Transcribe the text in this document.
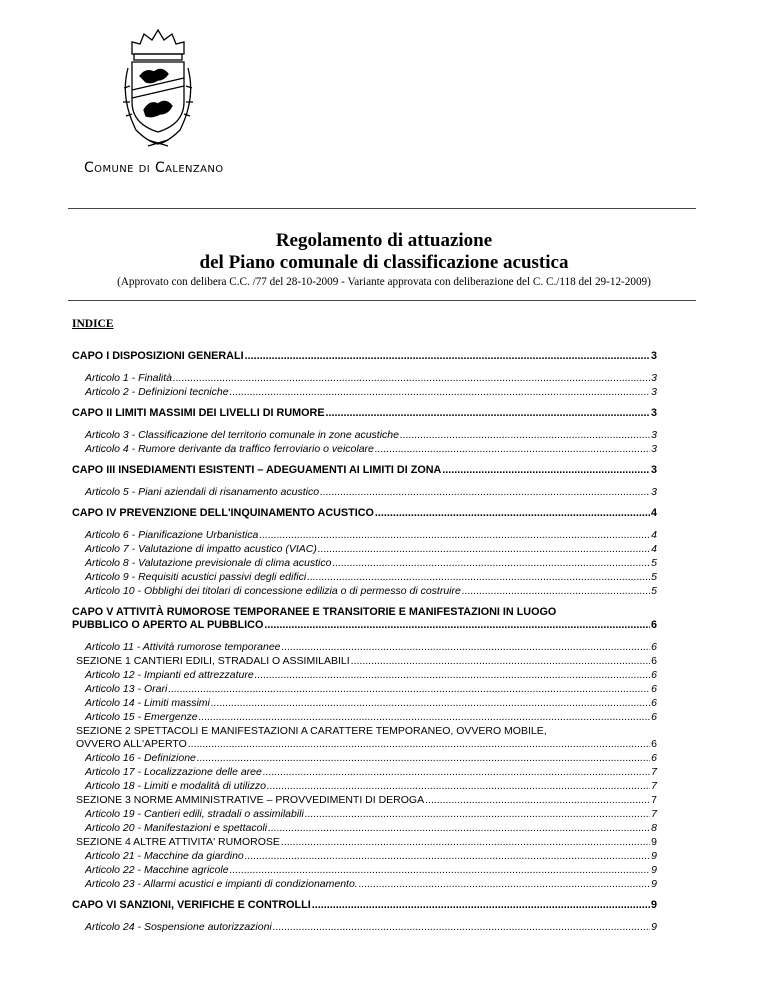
Comune di Calenzano
Regolamento di attuazione
del Piano comunale di classificazione acustica
(Approvato con delibera C.C. /77 del 28-10-2009 - Variante approvata con deliberazione del C. C./118 del 29-12-2009)
INDICE
CAPO I DISPOSIZIONI GENERALI .....	3
Articolo 1 - Finalità .....	3
Articolo 2 - Definizioni tecniche .....	3
CAPO II LIMITI MASSIMI DEI LIVELLI DI RUMORE .....	3
Articolo 3 - Classificazione del territorio comunale in zone acustiche .....	3
Articolo 4 - Rumore derivante da traffico ferroviario o veicolare .....	3
CAPO III INSEDIAMENTI ESISTENTI – ADEGUAMENTI AI LIMITI DI ZONA .....	3
Articolo 5 - Piani aziendali di risanamento acustico .....	3
CAPO IV PREVENZIONE DELL'INQUINAMENTO ACUSTICO .....	4
Articolo 6 - Pianificazione Urbanistica .....	4
Articolo 7 - Valutazione di impatto acustico (VIAC) .....	4
Articolo 8 - Valutazione previsionale di clima acustico .....	5
Articolo 9 - Requisiti acustici passivi degli edifici .....	5
Articolo 10 - Obblighi dei titolari di concessione edilizia o di permesso di costruire .....	5
CAPO V ATTIVITÀ RUMOROSE TEMPORANEE E TRANSITORIE E MANIFESTAZIONI IN LUOGO
PUBBLICO O APERTO AL PUBBLICO .....	6
Articolo 11 - Attività rumorose temporanee .....	6
SEZIONE 1 CANTIERI EDILI, STRADALI O ASSIMILABILI .....	6
Articolo 12 - Impianti ed attrezzature .....	6
Articolo 13 - Orari .....	6
Articolo 14 - Limiti massimi .....	6
Articolo 15 - Emergenze .....	6
SEZIONE 2 SPETTACOLI E MANIFESTAZIONI A CARATTERE TEMPORANEO, OVVERO MOBILE,
OVVERO ALL'APERTO .....	6
Articolo 16 - Definizione .....	6
Articolo 17 - Localizzazione delle aree .....	7
Articolo 18 - Limiti e modalità di utilizzo .....	7
SEZIONE 3 NORME AMMINISTRATIVE – PROVVEDIMENTI DI DEROGA .....	7
Articolo 19 - Cantieri edili, stradali o assimilabili .....	7
Articolo 20 - Manifestazioni e spettacoli .....	8
SEZIONE 4 ALTRE ATTIVITA' RUMOROSE .....	9
Articolo 21 - Macchine da giardino .....	9
Articolo 22 - Macchine agricole .....	9
Articolo 23 - Allarmi acustici e impianti di condizionamento. .....	9
CAPO VI SANZIONI, VERIFICHE E CONTROLLI .....	9
Articolo 24 - Sospensione autorizzazioni .....	9
